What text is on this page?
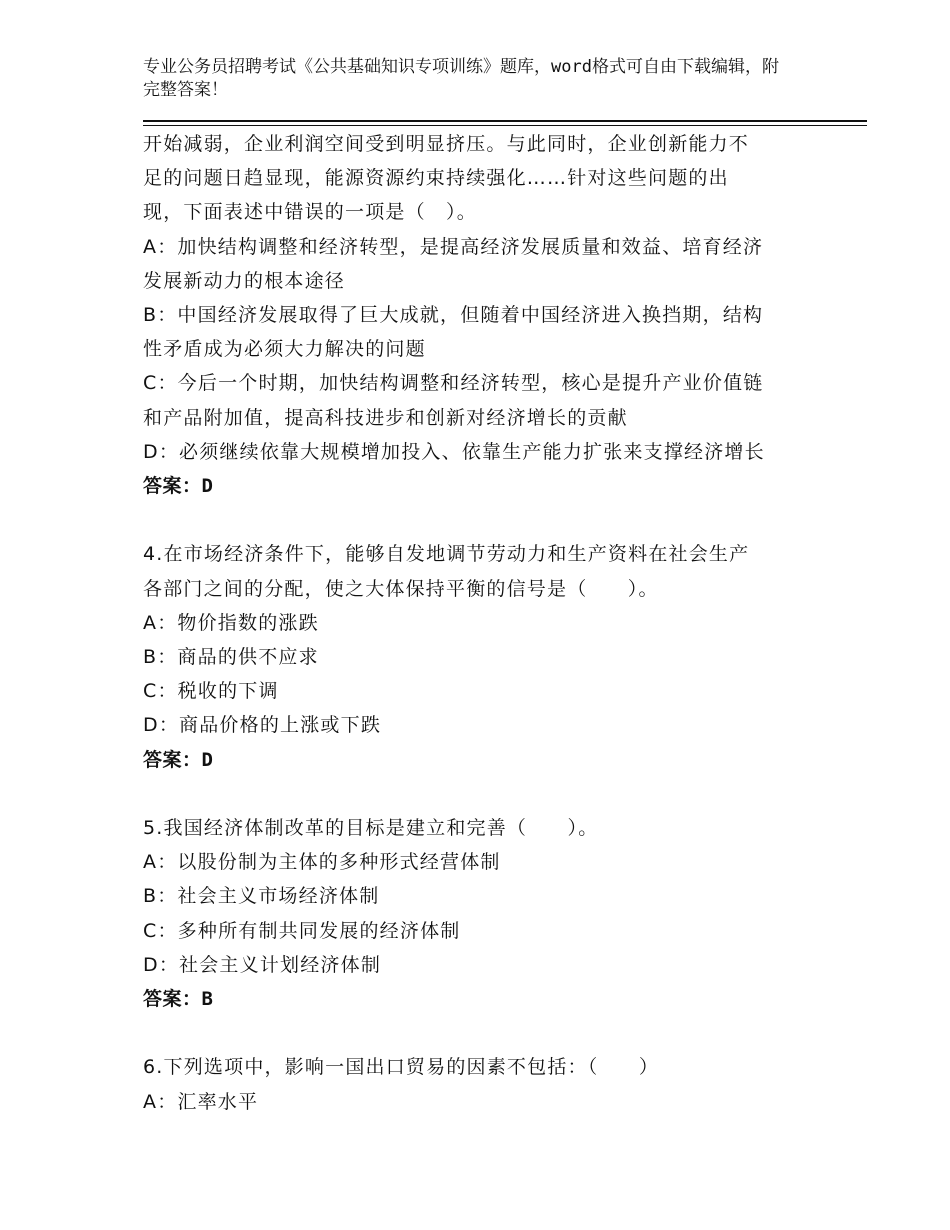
专业公务员招聘考试《公共基础知识专项训练》题库，word格式可自由下载编辑，附完整答案！
开始减弱，企业利润空间受到明显挤压。与此同时，企业创新能力不
足的问题日趋显现，能源资源约束持续强化……针对这些问题的出
现，下面表述中错误的一项是（　）。
A：加快结构调整和经济转型，是提高经济发展质量和效益、培育经济
发展新动力的根本途径
B：中国经济发展取得了巨大成就，但随着中国经济进入换挡期，结构
性矛盾成为必须大力解决的问题
C：今后一个时期，加快结构调整和经济转型，核心是提升产业价值链
和产品附加值，提高科技进步和创新对经济增长的贡献
D：必须继续依靠大规模增加投入、依靠生产能力扩张来支撑经济增长
答案：D
4.在市场经济条件下，能够自发地调节劳动力和生产资料在社会生产
各部门之间的分配，使之大体保持平衡的信号是（　　）。
A：物价指数的涨跌
B：商品的供不应求
C：税收的下调
D：商品价格的上涨或下跌
答案：D
5.我国经济体制改革的目标是建立和完善（　　）。
A：以股份制为主体的多种形式经营体制
B：社会主义市场经济体制
C：多种所有制共同发展的经济体制
D：社会主义计划经济体制
答案：B
6.下列选项中，影响一国出口贸易的因素不包括：（　　）
A：汇率水平
